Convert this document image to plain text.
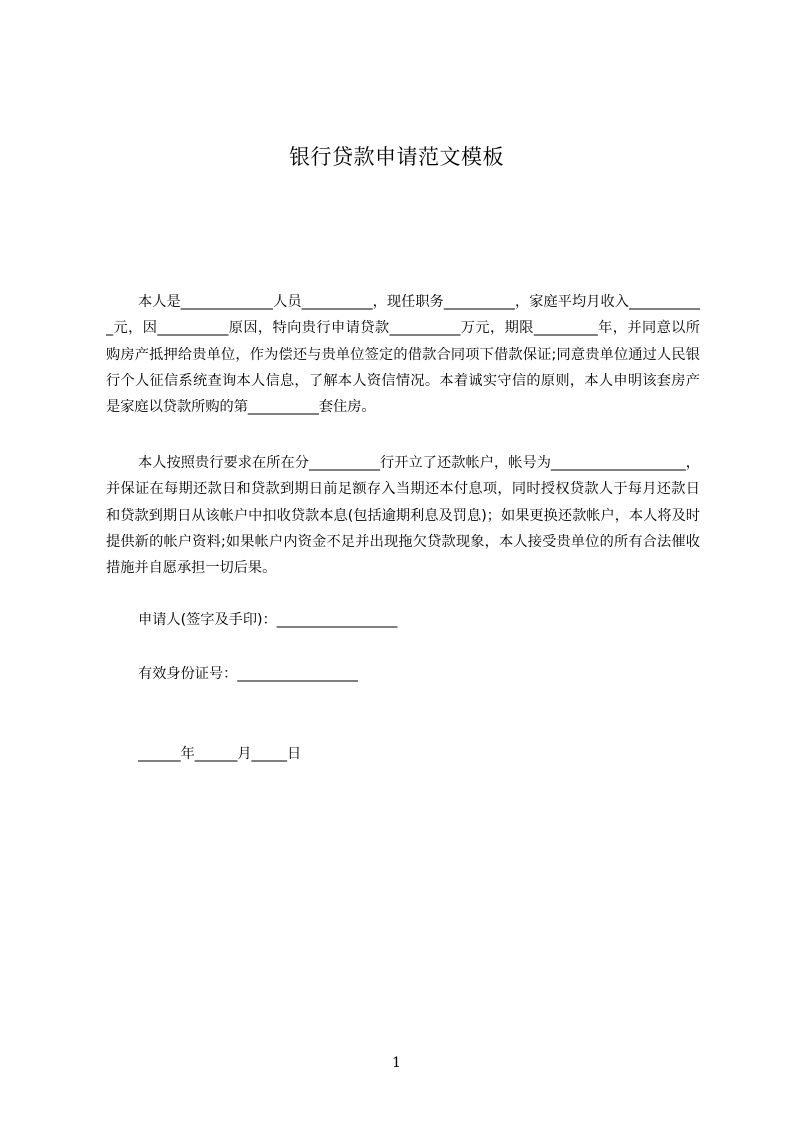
银行贷款申请范文模板
本人是_____________人员__________，现任职务__________，家庭平均月收入___________元，因__________原因，特向贵行申请贷款__________万元，期限_________年，并同意以所购房产抵押给贵单位，作为偿还与贵单位签定的借款合同项下借款保证;同意贵单位通过人民银行个人征信系统查询本人信息，了解本人资信情况。本着诚实守信的原则，本人申明该套房产是家庭以贷款所购的第__________套住房。
本人按照贵行要求在所在分__________行开立了还款帐户，帐号为___________________，并保证在每期还款日和贷款到期日前足额存入当期还本付息项，同时授权贷款人于每月还款日和贷款到期日从该帐户中扣收贷款本息(包括逾期利息及罚息)；如果更换还款帐户，本人将及时提供新的帐户资料;如果帐户内资金不足并出现拖欠贷款现象，本人接受贵单位的所有合法催收措施并自愿承担一切后果。
申请人(签字及手印)：_________________
有效身份证号：_________________
______年______月_____日
1
